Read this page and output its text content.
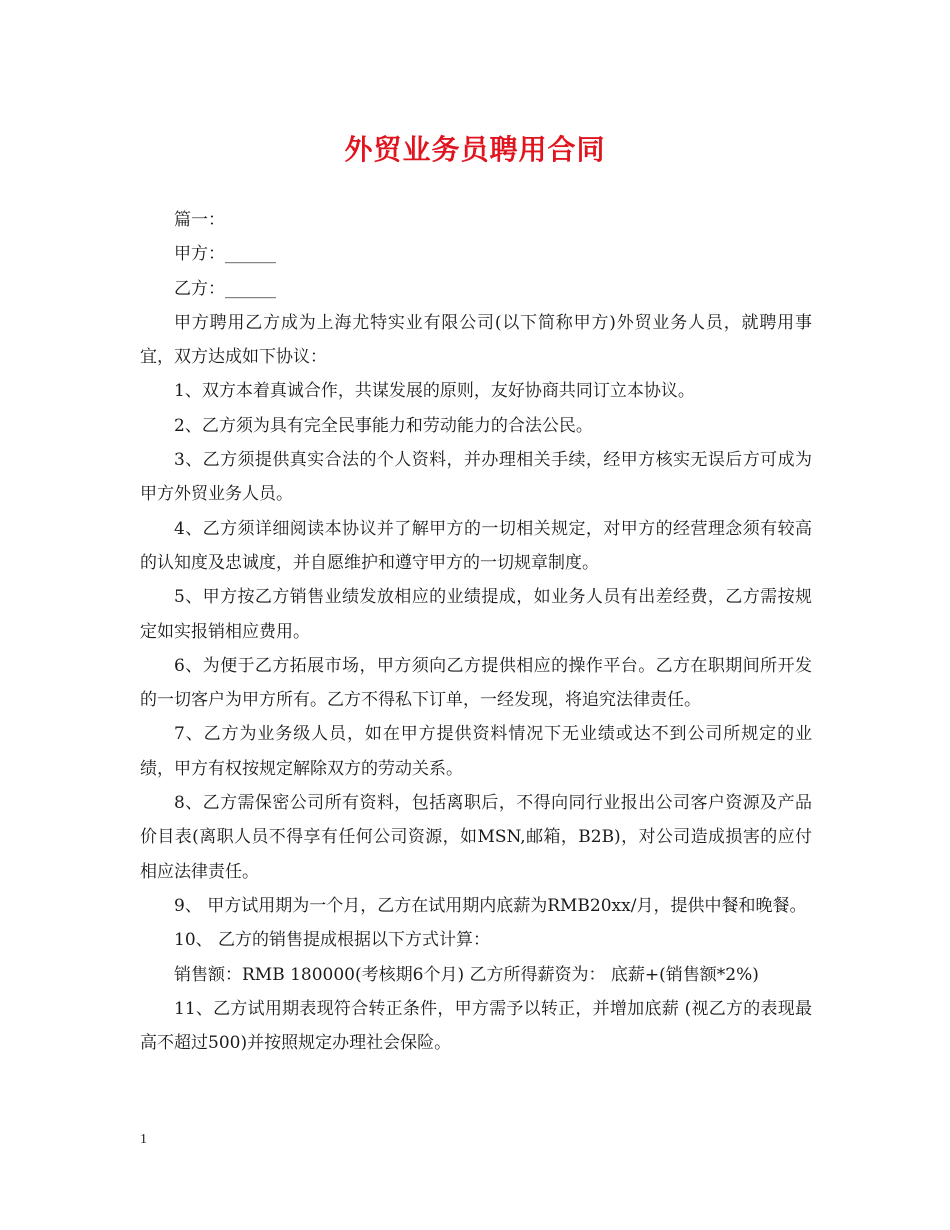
外贸业务员聘用合同

篇一：

甲方：______

乙方：______

甲方聘用乙方成为上海尤特实业有限公司(以下简称甲方)外贸业务人员，就聘用事宜，双方达成如下协议：

1、双方本着真诚合作，共谋发展的原则，友好协商共同订立本协议。

2、乙方须为具有完全民事能力和劳动能力的合法公民。

3、乙方须提供真实合法的个人资料，并办理相关手续，经甲方核实无误后方可成为甲方外贸业务人员。

4、乙方须详细阅读本协议并了解甲方的一切相关规定，对甲方的经营理念须有较高的认知度及忠诚度，并自愿维护和遵守甲方的一切规章制度。

5、甲方按乙方销售业绩发放相应的业绩提成，如业务人员有出差经费，乙方需按规定如实报销相应费用。

6、为便于乙方拓展市场，甲方须向乙方提供相应的操作平台。乙方在职期间所开发的一切客户为甲方所有。乙方不得私下订单，一经发现，将追究法律责任。

7、乙方为业务级人员，如在甲方提供资料情况下无业绩或达不到公司所规定的业绩，甲方有权按规定解除双方的劳动关系。

8、乙方需保密公司所有资料，包括离职后，不得向同行业报出公司客户资源及产品价目表(离职人员不得享有任何公司资源，如MSN,邮箱，B2B)，对公司造成损害的应付相应法律责任。

9、 甲方试用期为一个月，乙方在试用期内底薪为RMB20xx/月，提供中餐和晚餐。

10、 乙方的销售提成根据以下方式计算：

销售额：RMB 180000(考核期6个月) 乙方所得薪资为： 底薪+(销售额*2%)

11、乙方试用期表现符合转正条件，甲方需予以转正，并增加底薪 (视乙方的表现最高不超过500)并按照规定办理社会保险。

1
